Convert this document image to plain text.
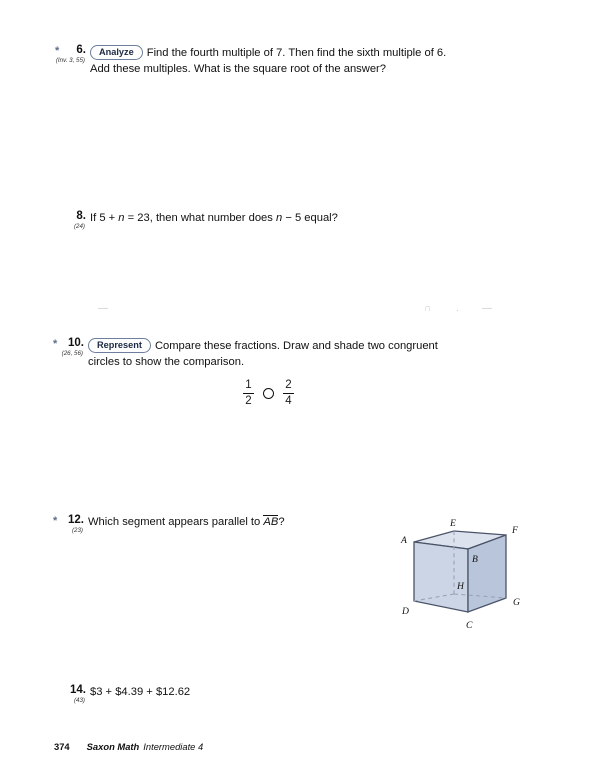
*	6.
(Inv. 3, 55)
Analyze Find the fourth multiple of 7. Then find the sixth multiple of 6.
Add these multiples. What is the square root of the answer?
8.
(24)
If 5 + n = 23, then what number does n − 5 equal?
—	∩ . —
* 10.
(26, 56)
Represent Compare these fractions. Draw and shade two congruent
circles to show the comparison.
$\frac{1}{2}$	$\frac{2}{4}$
* 12.
(23)
Which segment appears parallel to AB?
A
B
C
D
E
F
G
H
14.
(43)
$3 + $4.39 + $12.62
374 Saxon Math Intermediate 4
